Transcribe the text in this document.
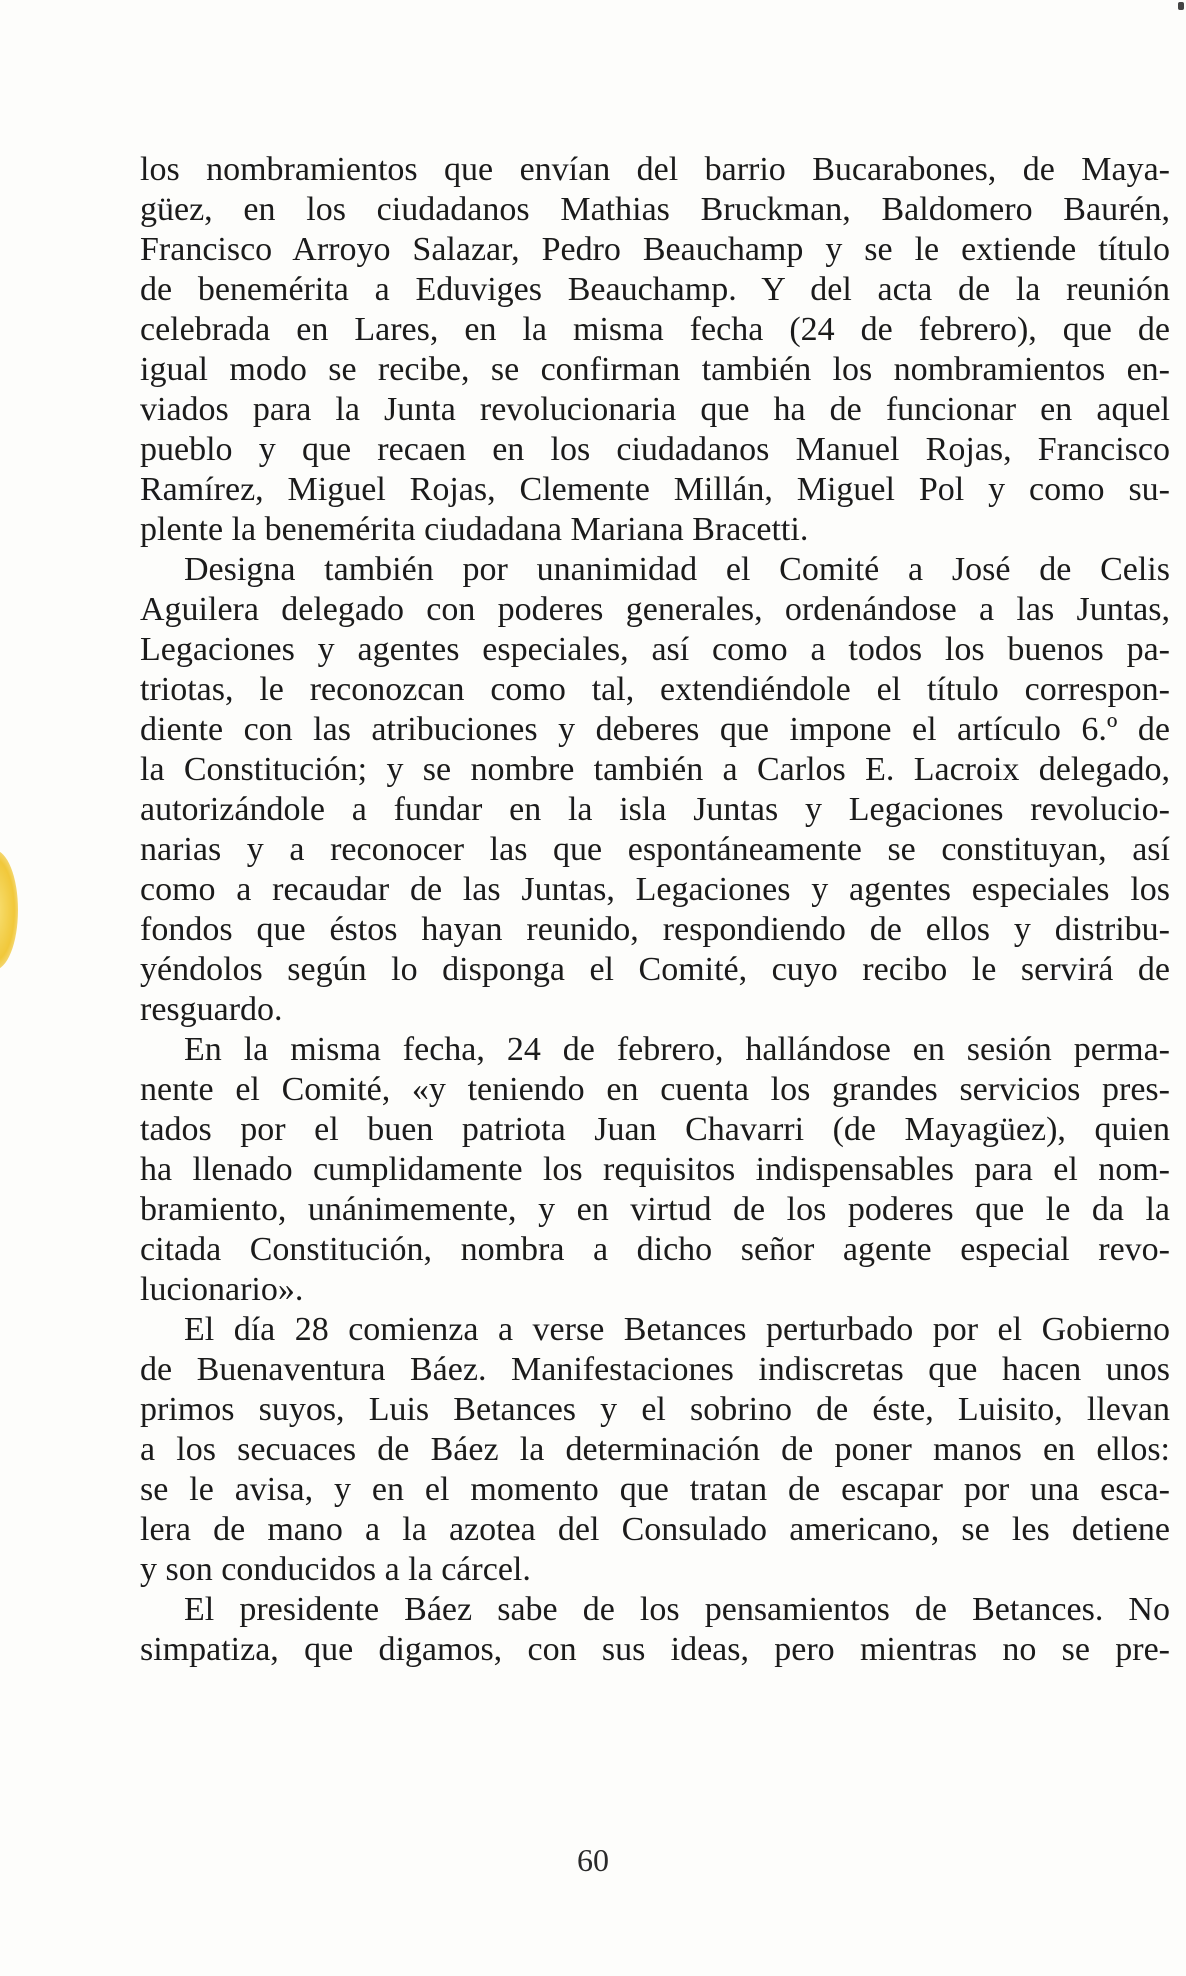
los nombramientos que envían del barrio Bucarabones, de Maya-
güez, en los ciudadanos Mathias Bruckman, Baldomero Baurén,
Francisco Arroyo Salazar, Pedro Beauchamp y se le extiende título
de benemérita a Eduviges Beauchamp. Y del acta de la reunión
celebrada en Lares, en la misma fecha (24 de febrero), que de
igual modo se recibe, se confirman también los nombramientos en-
viados para la Junta revolucionaria que ha de funcionar en aquel
pueblo y que recaen en los ciudadanos Manuel Rojas, Francisco
Ramírez, Miguel Rojas, Clemente Millán, Miguel Pol y como su-
plente la benemérita ciudadana Mariana Bracetti.
Designa también por unanimidad el Comité a José de Celis
Aguilera delegado con poderes generales, ordenándose a las Juntas,
Legaciones y agentes especiales, así como a todos los buenos pa-
triotas, le reconozcan como tal, extendiéndole el título correspon-
diente con las atribuciones y deberes que impone el artículo 6.º de
la Constitución; y se nombre también a Carlos E. Lacroix delegado,
autorizándole a fundar en la isla Juntas y Legaciones revolucio-
narias y a reconocer las que espontáneamente se constituyan, así
como a recaudar de las Juntas, Legaciones y agentes especiales los
fondos que éstos hayan reunido, respondiendo de ellos y distribu-
yéndolos según lo disponga el Comité, cuyo recibo le servirá de
resguardo.
En la misma fecha, 24 de febrero, hallándose en sesión perma-
nente el Comité, «y teniendo en cuenta los grandes servicios pres-
tados por el buen patriota Juan Chavarri (de Mayagüez), quien
ha llenado cumplidamente los requisitos indispensables para el nom-
bramiento, unánimemente, y en virtud de los poderes que le da la
citada Constitución, nombra a dicho señor agente especial revo-
lucionario».
El día 28 comienza a verse Betances perturbado por el Gobierno
de Buenaventura Báez. Manifestaciones indiscretas que hacen unos
primos suyos, Luis Betances y el sobrino de éste, Luisito, llevan
a los secuaces de Báez la determinación de poner manos en ellos:
se le avisa, y en el momento que tratan de escapar por una esca-
lera de mano a la azotea del Consulado americano, se les detiene
y son conducidos a la cárcel.
El presidente Báez sabe de los pensamientos de Betances. No
simpatiza, que digamos, con sus ideas, pero mientras no se pre-
60
